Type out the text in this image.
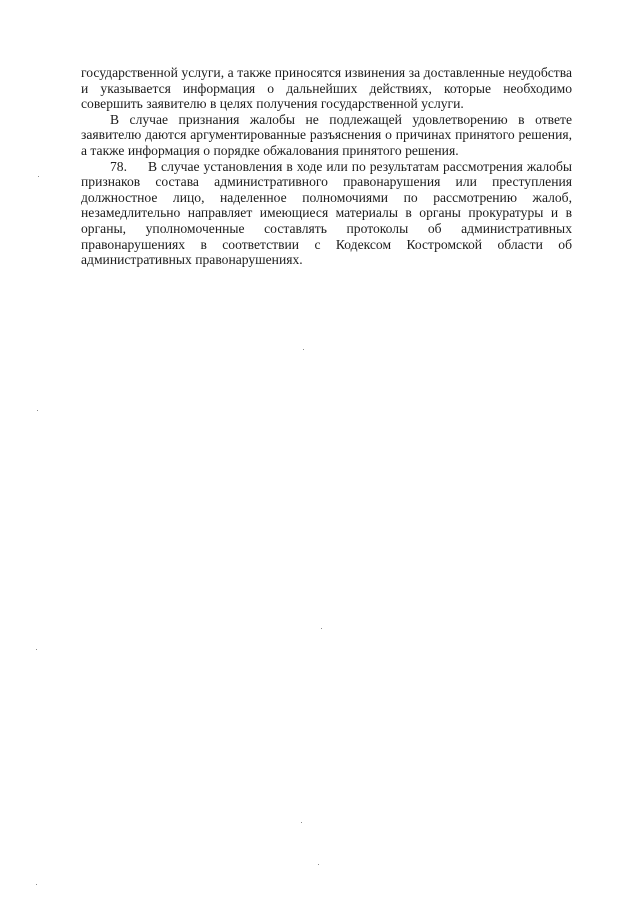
государственной услуги, а также приносятся извинения за доставленные неудобства и указывается информация о дальнейших действиях, которые необходимо совершить заявителю в целях получения государственной услуги.

В случае признания жалобы не подлежащей удовлетворению в ответе заявителю даются аргументированные разъяснения о причинах принятого решения, а также информация о порядке обжалования принятого решения.

78. В случае установления в ходе или по результатам рассмотрения жалобы признаков состава административного правонарушения или преступления должностное лицо, наделенное полномочиями по рассмотрению жалоб, незамедлительно направляет имеющиеся материалы в органы прокуратуры и в органы, уполномоченные составлять протоколы об административных правонарушениях в соответствии с Кодексом Костромской области об административных правонарушениях.
